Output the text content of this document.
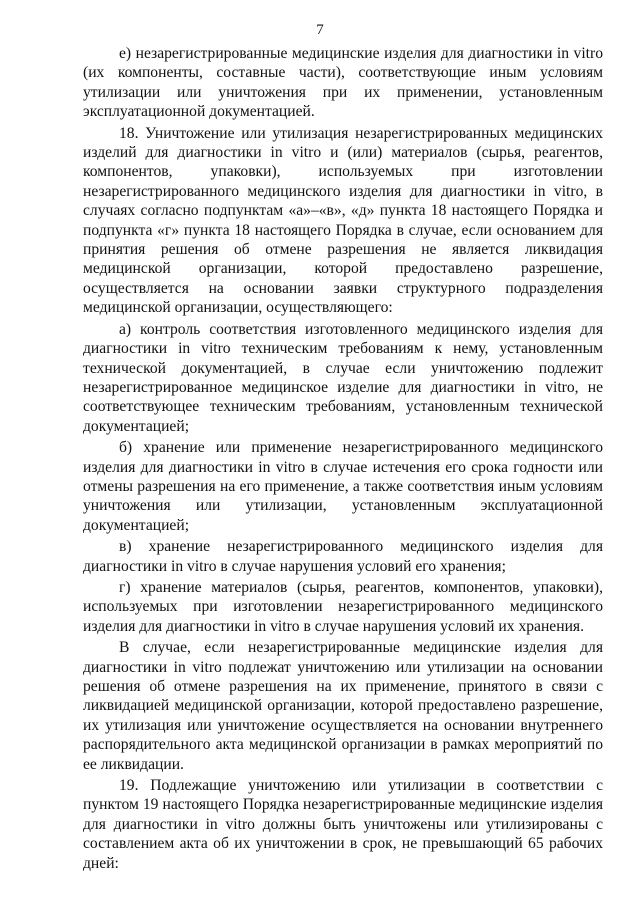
7

е) незарегистрированные медицинские изделия для диагностики in vitro (их компоненты, составные части), соответствующие иным условиям утилизации или уничтожения при их применении, установленным эксплуатационной документацией.

18. Уничтожение или утилизация незарегистрированных медицинских изделий для диагностики in vitro и (или) материалов (сырья, реагентов, компонентов, упаковки), используемых при изготовлении незарегистрированного медицинского изделия для диагностики in vitro, в случаях согласно подпунктам «а»–«в», «д» пункта 18 настоящего Порядка и подпункта «г» пункта 18 настоящего Порядка в случае, если основанием для принятия решения об отмене разрешения не является ликвидация медицинской организации, которой предоставлено разрешение, осуществляется на основании заявки структурного подразделения медицинской организации, осуществляющего:

а) контроль соответствия изготовленного медицинского изделия для диагностики in vitro техническим требованиям к нему, установленным технической документацией, в случае если уничтожению подлежит незарегистрированное медицинское изделие для диагностики in vitro, не соответствующее техническим требованиям, установленным технической документацией;

б) хранение или применение незарегистрированного медицинского изделия для диагностики in vitro в случае истечения его срока годности или отмены разрешения на его применение, а также соответствия иным условиям уничтожения или утилизации, установленным эксплуатационной документацией;

в) хранение незарегистрированного медицинского изделия для диагностики in vitro в случае нарушения условий его хранения;

г) хранение материалов (сырья, реагентов, компонентов, упаковки), используемых при изготовлении незарегистрированного медицинского изделия для диагностики in vitro в случае нарушения условий их хранения.

В случае, если незарегистрированные медицинские изделия для диагностики in vitro подлежат уничтожению или утилизации на основании решения об отмене разрешения на их применение, принятого в связи с ликвидацией медицинской организации, которой предоставлено разрешение, их утилизация или уничтожение осуществляется на основании внутреннего распорядительного акта медицинской организации в рамках мероприятий по ее ликвидации.

19. Подлежащие уничтожению или утилизации в соответствии с пунктом 19 настоящего Порядка незарегистрированные медицинские изделия для диагностики in vitro должны быть уничтожены или утилизированы с составлением акта об их уничтожении в срок, не превышающий 65 рабочих дней:
